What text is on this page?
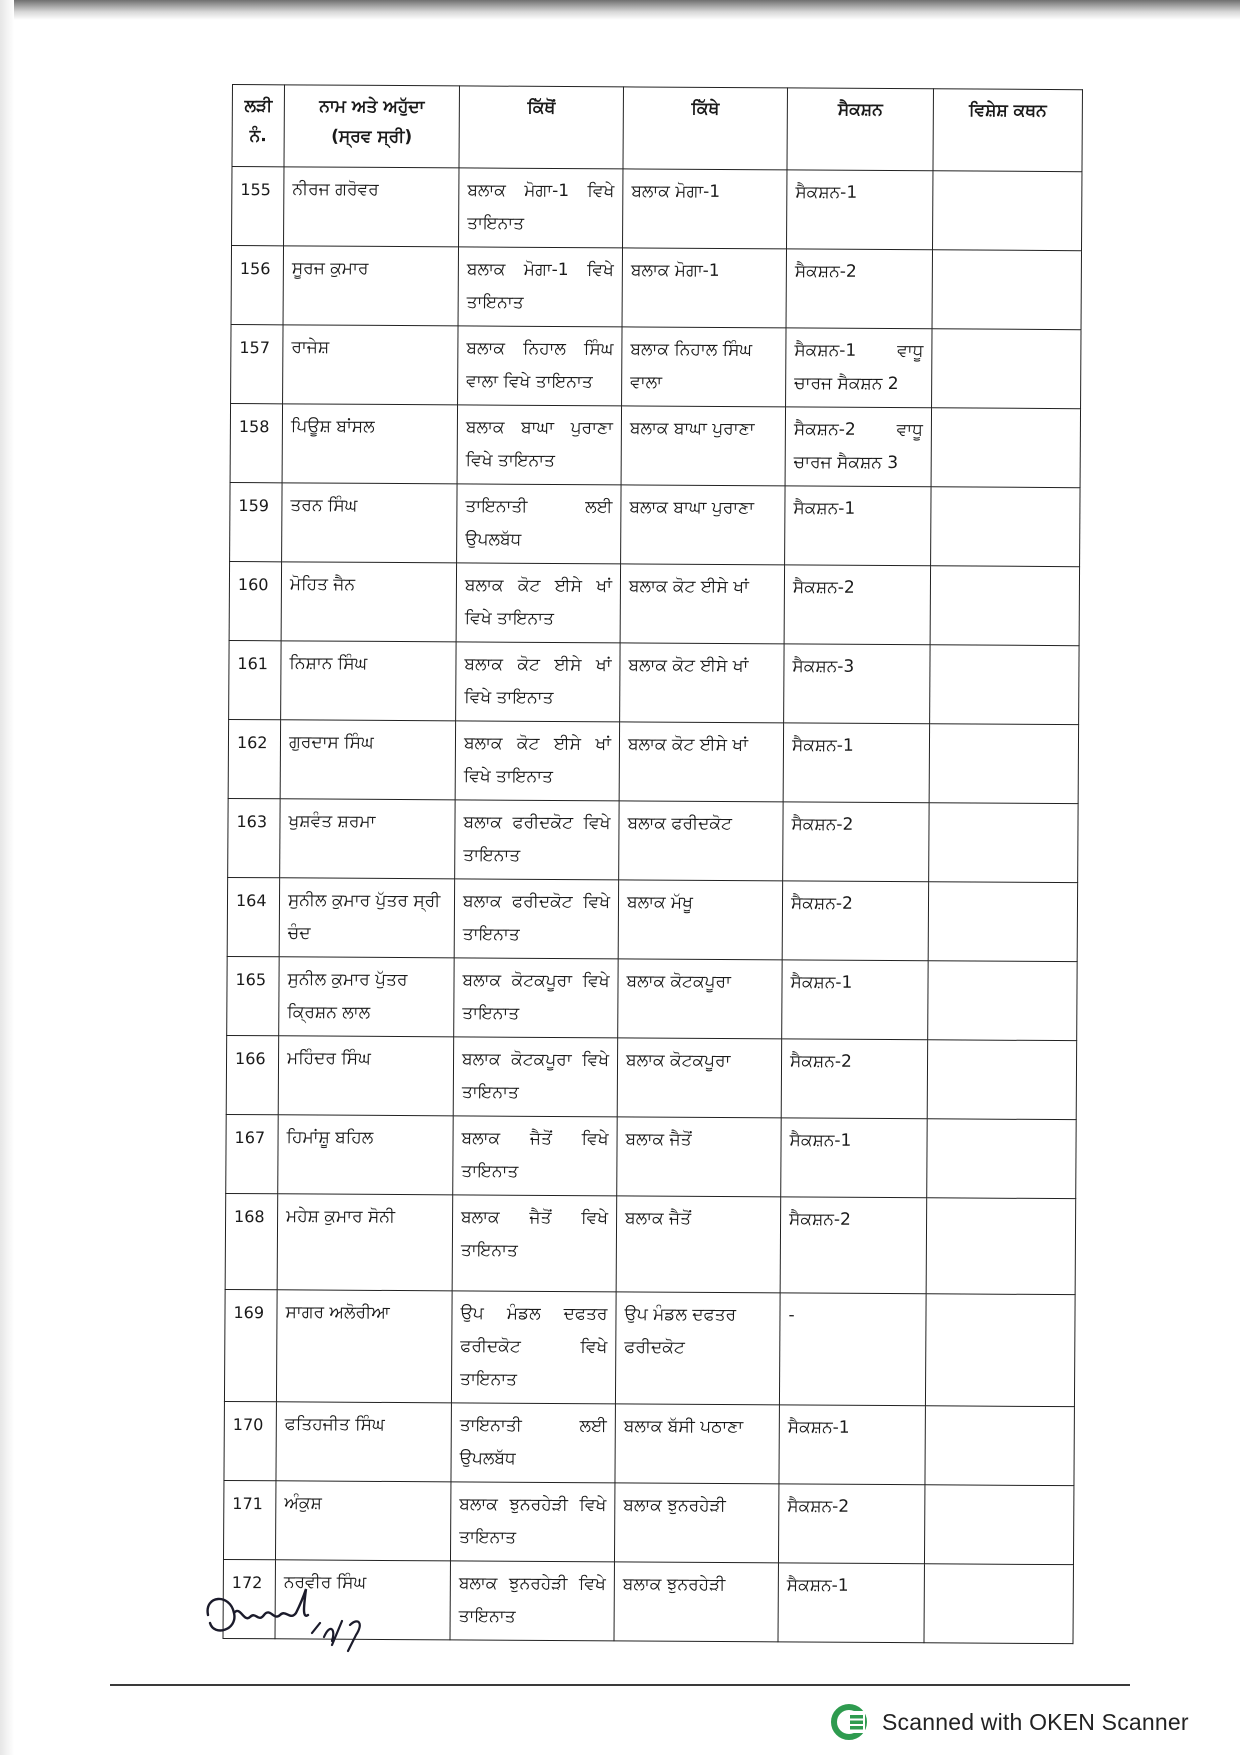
ਲੜੀ ਨੰ.	ਨਾਮ ਅਤੇ ਅਹੁੱਦਾ
(ਸ੍ਰਵ ਸ੍ਰੀ)	ਕਿੱਥੋਂ	ਕਿੱਥੇ	ਸੈਕਸ਼ਨ	ਵਿਸ਼ੇਸ਼ ਕਥਨ
155	ਨੀਰਜ ਗਰੋਵਰ	ਬਲਾਕ ਮੋਗਾ-1 ਵਿਖੇ ਤਾਇਨਾਤ	ਬਲਾਕ ਮੋਗਾ-1	ਸੈਕਸ਼ਨ-1	
156	ਸੂਰਜ ਕੁਮਾਰ	ਬਲਾਕ ਮੋਗਾ-1 ਵਿਖੇ ਤਾਇਨਾਤ	ਬਲਾਕ ਮੋਗਾ-1	ਸੈਕਸ਼ਨ-2	
157	ਰਾਜੇਸ਼	ਬਲਾਕ ਨਿਹਾਲ ਸਿੰਘ ਵਾਲਾ ਵਿਖੇ ਤਾਇਨਾਤ	ਬਲਾਕ ਨਿਹਾਲ ਸਿੰਘ ਵਾਲਾ	ਸੈਕਸ਼ਨ-1 ਵਾਧੂ ਚਾਰਜ ਸੈਕਸ਼ਨ 2	
158	ਪਿਊਸ਼ ਬਾਂਸਲ	ਬਲਾਕ ਬਾਘਾ ਪੁਰਾਣਾ ਵਿਖੇ ਤਾਇਨਾਤ	ਬਲਾਕ ਬਾਘਾ ਪੁਰਾਣਾ	ਸੈਕਸ਼ਨ-2 ਵਾਧੂ ਚਾਰਜ ਸੈਕਸ਼ਨ 3	
159	ਤਰਨ ਸਿੰਘ	ਤਾਇਨਾਤੀ ਲਈ ਉਪਲਬੱਧ	ਬਲਾਕ ਬਾਘਾ ਪੁਰਾਣਾ	ਸੈਕਸ਼ਨ-1	
160	ਮੋਹਿਤ ਜੈਨ	ਬਲਾਕ ਕੋਟ ਈਸੇ ਖਾਂ ਵਿਖੇ ਤਾਇਨਾਤ	ਬਲਾਕ ਕੋਟ ਈਸੇ ਖਾਂ	ਸੈਕਸ਼ਨ-2	
161	ਨਿਸ਼ਾਨ ਸਿੰਘ	ਬਲਾਕ ਕੋਟ ਈਸੇ ਖਾਂ ਵਿਖੇ ਤਾਇਨਾਤ	ਬਲਾਕ ਕੋਟ ਈਸੇ ਖਾਂ	ਸੈਕਸ਼ਨ-3	
162	ਗੁਰਦਾਸ ਸਿੰਘ	ਬਲਾਕ ਕੋਟ ਈਸੇ ਖਾਂ ਵਿਖੇ ਤਾਇਨਾਤ	ਬਲਾਕ ਕੋਟ ਈਸੇ ਖਾਂ	ਸੈਕਸ਼ਨ-1	
163	ਖੁਸ਼ਵੰਤ ਸ਼ਰਮਾ	ਬਲਾਕ ਫਰੀਦਕੋਟ ਵਿਖੇ ਤਾਇਨਾਤ	ਬਲਾਕ ਫਰੀਦਕੋਟ	ਸੈਕਸ਼ਨ-2	
164	ਸੁਨੀਲ ਕੁਮਾਰ ਪੁੱਤਰ ਸ੍ਰੀ ਚੰਦ	ਬਲਾਕ ਫਰੀਦਕੋਟ ਵਿਖੇ ਤਾਇਨਾਤ	ਬਲਾਕ ਮੱਖੂ	ਸੈਕਸ਼ਨ-2	
165	ਸੁਨੀਲ ਕੁਮਾਰ ਪੁੱਤਰ ਕ੍ਰਿਸ਼ਨ ਲਾਲ	ਬਲਾਕ ਕੋਟਕਪੂਰਾ ਵਿਖੇ ਤਾਇਨਾਤ	ਬਲਾਕ ਕੋਟਕਪੂਰਾ	ਸੈਕਸ਼ਨ-1	
166	ਮਹਿੰਦਰ ਸਿੰਘ	ਬਲਾਕ ਕੋਟਕਪੂਰਾ ਵਿਖੇ ਤਾਇਨਾਤ	ਬਲਾਕ ਕੋਟਕਪੂਰਾ	ਸੈਕਸ਼ਨ-2	
167	ਹਿਮਾਂਸ਼ੂ ਬਹਿਲ	ਬਲਾਕ ਜੈਤੋਂ ਵਿਖੇ ਤਾਇਨਾਤ	ਬਲਾਕ ਜੈਤੋਂ	ਸੈਕਸ਼ਨ-1	
168	ਮਹੇਸ਼ ਕੁਮਾਰ ਸੋਨੀ	ਬਲਾਕ ਜੈਤੋਂ ਵਿਖੇ ਤਾਇਨਾਤ	ਬਲਾਕ ਜੈਤੋਂ	ਸੈਕਸ਼ਨ-2	
169	ਸਾਗਰ ਅਲੋਰੀਆ	ਉਪ ਮੰਡਲ ਦਫਤਰ ਫਰੀਦਕੋਟ ਵਿਖੇ ਤਾਇਨਾਤ	ਉਪ ਮੰਡਲ ਦਫਤਰ ਫਰੀਦਕੋਟ	-	
170	ਫਤਿਹਜੀਤ ਸਿੰਘ	ਤਾਇਨਾਤੀ ਲਈ ਉਪਲਬੱਧ	ਬਲਾਕ ਬੱਸੀ ਪਠਾਣਾ	ਸੈਕਸ਼ਨ-1	
171	ਅੰਕੁਸ਼	ਬਲਾਕ ਝੁਨਰਹੇੜੀ ਵਿਖੇ ਤਾਇਨਾਤ	ਬਲਾਕ ਝੁਨਰਹੇੜੀ	ਸੈਕਸ਼ਨ-2	
172	ਨਰਵੀਰ ਸਿੰਘ	ਬਲਾਕ ਝੁਨਰਹੇੜੀ ਵਿਖੇ ਤਾਇਨਾਤ	ਬਲਾਕ ਝੁਨਰਹੇੜੀ	ਸੈਕਸ਼ਨ-1	
Scanned with OKEN Scanner
